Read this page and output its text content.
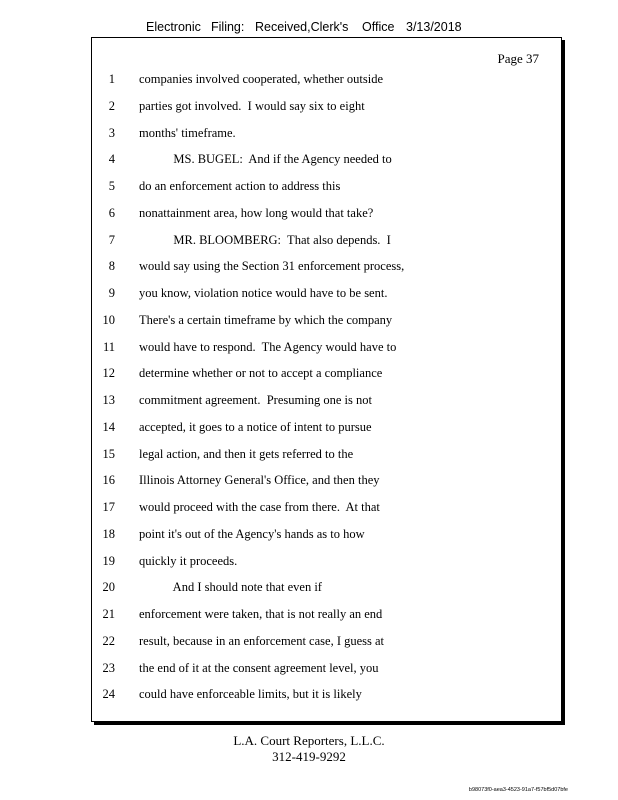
Electronic Filing: Received,Clerk's Office 3/13/2018
Page 37
1 companies involved cooperated, whether outside
2 parties got involved.  I would say six to eight
3 months' timeframe.
4 MS. BUGEL:  And if the Agency needed to
5 do an enforcement action to address this
6 nonattainment area, how long would that take?
7 MR. BLOOMBERG:  That also depends.  I
8 would say using the Section 31 enforcement process,
9 you know, violation notice would have to be sent.
10 There's a certain timeframe by which the company
11 would have to respond.  The Agency would have to
12 determine whether or not to accept a compliance
13 commitment agreement.  Presuming one is not
14 accepted, it goes to a notice of intent to pursue
15 legal action, and then it gets referred to the
16 Illinois Attorney General's Office, and then they
17 would proceed with the case from there.  At that
18 point it's out of the Agency's hands as to how
19 quickly it proceeds.
20 And I should note that even if
21 enforcement were taken, that is not really an end
22 result, because in an enforcement case, I guess at
23 the end of it at the consent agreement level, you
24 could have enforceable limits, but it is likely
L.A. Court Reporters, L.L.C.
312-419-9292
b98073f0-aea3-4523-91a7-f57bf5d07bfe
